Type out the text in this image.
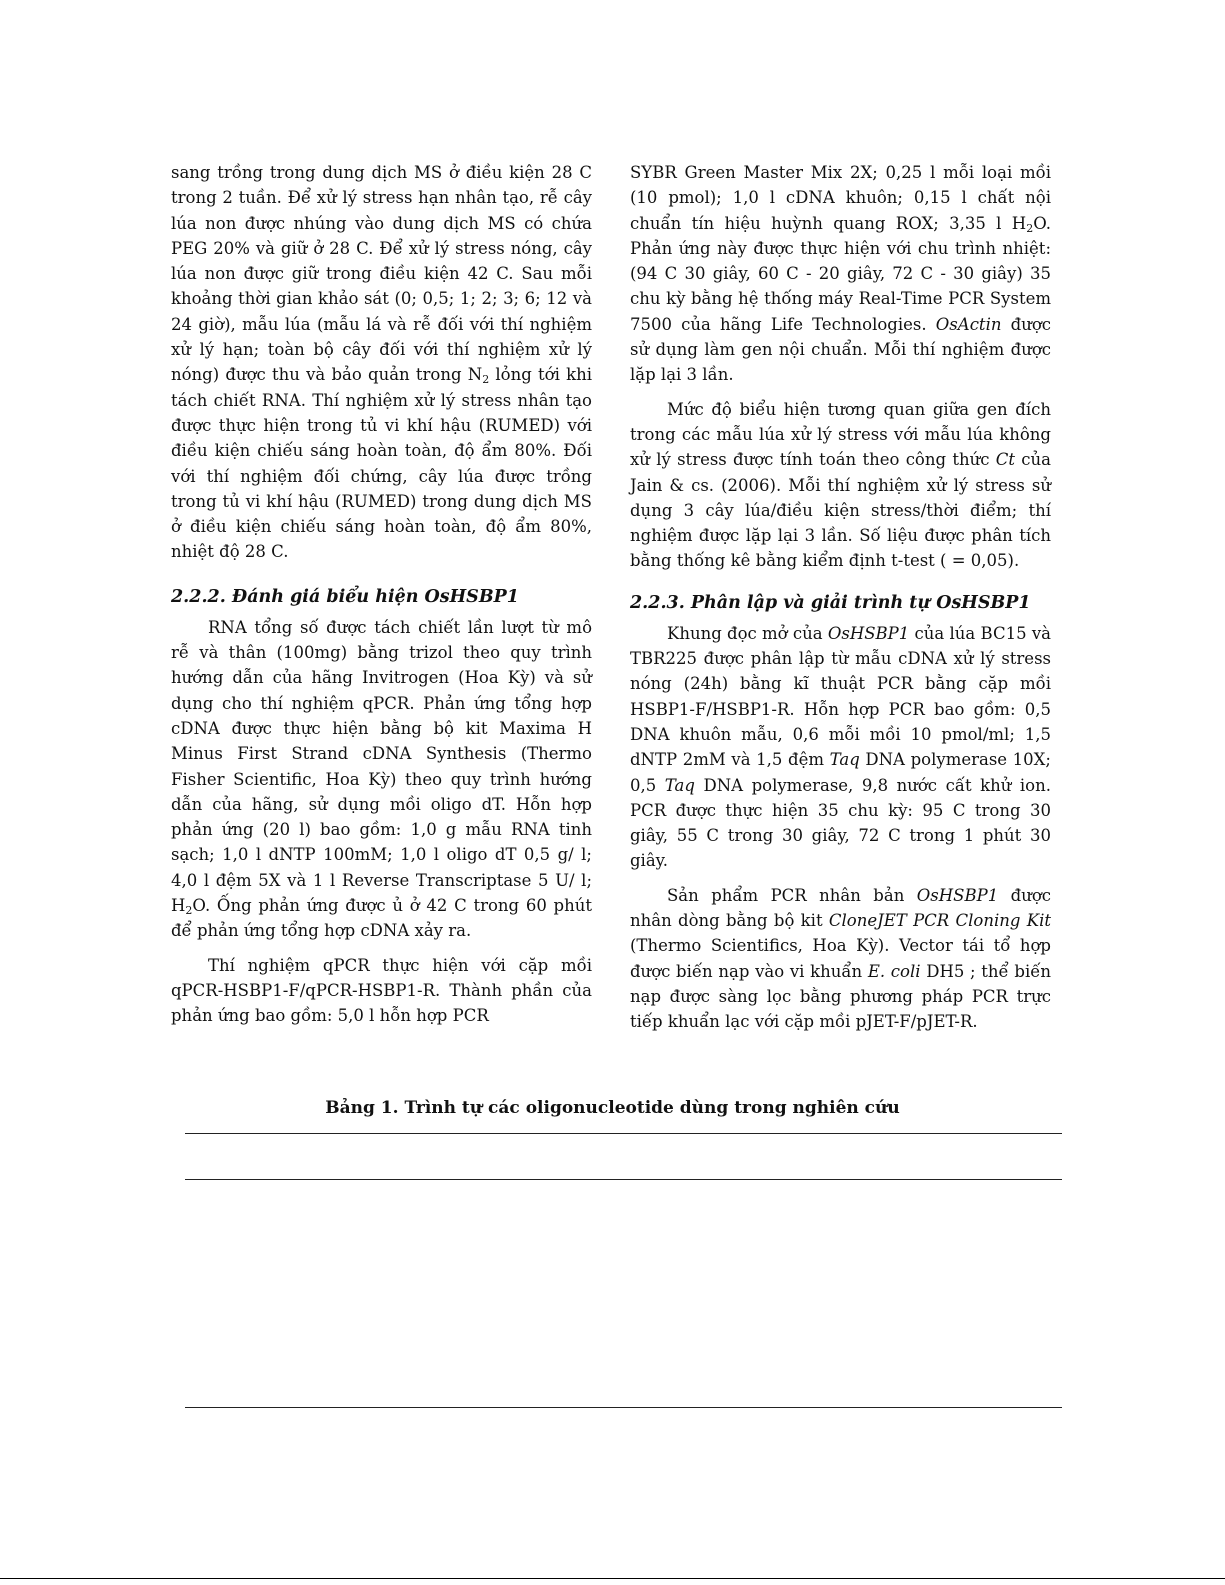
sang trồng trong dung dịch MS ở điều kiện 28 C trong 2 tuần. Để xử lý stress hạn nhân tạo, rễ cây lúa non được nhúng vào dung dịch MS có chứa PEG 20% và giữ ở 28 C. Để xử lý stress nóng, cây lúa non được giữ trong điều kiện 42 C. Sau mỗi khoảng thời gian khảo sát (0; 0,5; 1; 2; 3; 6; 12 và 24 giờ), mẫu lúa (mẫu lá và rễ đối với thí nghiệm xử lý hạn; toàn bộ cây đối với thí nghiệm xử lý nóng) được thu và bảo quản trong $N_2$ lỏng tới khi tách chiết RNA. Thí nghiệm xử lý stress nhân tạo được thực hiện trong tủ vi khí hậu (RUMED) với điều kiện chiếu sáng hoàn toàn, độ ẩm 80%. Đối với thí nghiệm đối chứng, cây lúa được trồng trong tủ vi khí hậu (RUMED) trong dung dịch MS ở điều kiện chiếu sáng hoàn toàn, độ ẩm 80%, nhiệt độ 28 C.

2.2.2. Đánh giá biểu hiện OsHSBP1

RNA tổng số được tách chiết lần lượt từ mô rễ và thân (100mg) bằng trizol theo quy trình hướng dẫn của hãng Invitrogen (Hoa Kỳ) và sử dụng cho thí nghiệm qPCR. Phản ứng tổng hợp cDNA được thực hiện bằng bộ kit Maxima H Minus First Strand cDNA Synthesis (Thermo Fisher Scientific, Hoa Kỳ) theo quy trình hướng dẫn của hãng, sử dụng mồi oligo dT. Hỗn hợp phản ứng (20 l) bao gồm: 1,0 g mẫu RNA tinh sạch; 1,0 l dNTP 100mM; 1,0 l oligo dT 0,5 g/ l; 4,0 l đệm 5X và 1 l Reverse Transcriptase 5 U/ l; $H_2O$. Ống phản ứng được ủ ở 42 C trong 60 phút để phản ứng tổng hợp cDNA xảy ra.

Thí nghiệm qPCR thực hiện với cặp mồi qPCR-HSBP1-F/qPCR-HSBP1-R. Thành phần của phản ứng bao gồm: 5,0 l hỗn hợp PCR

SYBR Green Master Mix 2X; 0,25 l mỗi loại mồi (10 pmol); 1,0 l cDNA khuôn; 0,15 l chất nội chuẩn tín hiệu huỳnh quang ROX; 3,35 l $H_2O$. Phản ứng này được thực hiện với chu trình nhiệt: (94 C 30 giây, 60 C - 20 giây, 72 C - 30 giây) 35 chu kỳ bằng hệ thống máy Real-Time PCR System 7500 của hãng Life Technologies. OsActin được sử dụng làm gen nội chuẩn. Mỗi thí nghiệm được lặp lại 3 lần.

Mức độ biểu hiện tương quan giữa gen đích trong các mẫu lúa xử lý stress với mẫu lúa không xử lý stress được tính toán theo công thức Ct của Jain & cs. (2006). Mỗi thí nghiệm xử lý stress sử dụng 3 cây lúa/điều kiện stress/thời điểm; thí nghiệm được lặp lại 3 lần. Số liệu được phân tích bằng thống kê bằng kiểm định t-test ( = 0,05).

2.2.3. Phân lập và giải trình tự OsHSBP1

Khung đọc mở của OsHSBP1 của lúa BC15 và TBR225 được phân lập từ mẫu cDNA xử lý stress nóng (24h) bằng kĩ thuật PCR bằng cặp mồi HSBP1-F/HSBP1-R. Hỗn hợp PCR bao gồm: 0,5 DNA khuôn mẫu, 0,6 mỗi mồi 10 pmol/ml; 1,5 dNTP 2mM và 1,5 đệm Taq DNA polymerase 10X; 0,5 Taq DNA polymerase, 9,8 nước cất khử ion. PCR được thực hiện 35 chu kỳ: 95 C trong 30 giây, 55 C trong 30 giây, 72 C trong 1 phút 30 giây.

Sản phẩm PCR nhân bản OsHSBP1 được nhân dòng bằng bộ kit CloneJET PCR Cloning Kit (Thermo Scientifics, Hoa Kỳ). Vector tái tổ hợp được biến nạp vào vi khuẩn E. coli DH5 ; thể biến nạp được sàng lọc bằng phương pháp PCR trực tiếp khuẩn lạc với cặp mồi pJET-F/pJET-R.

Bảng 1. Trình tự các oligonucleotide dùng trong nghiên cứu
